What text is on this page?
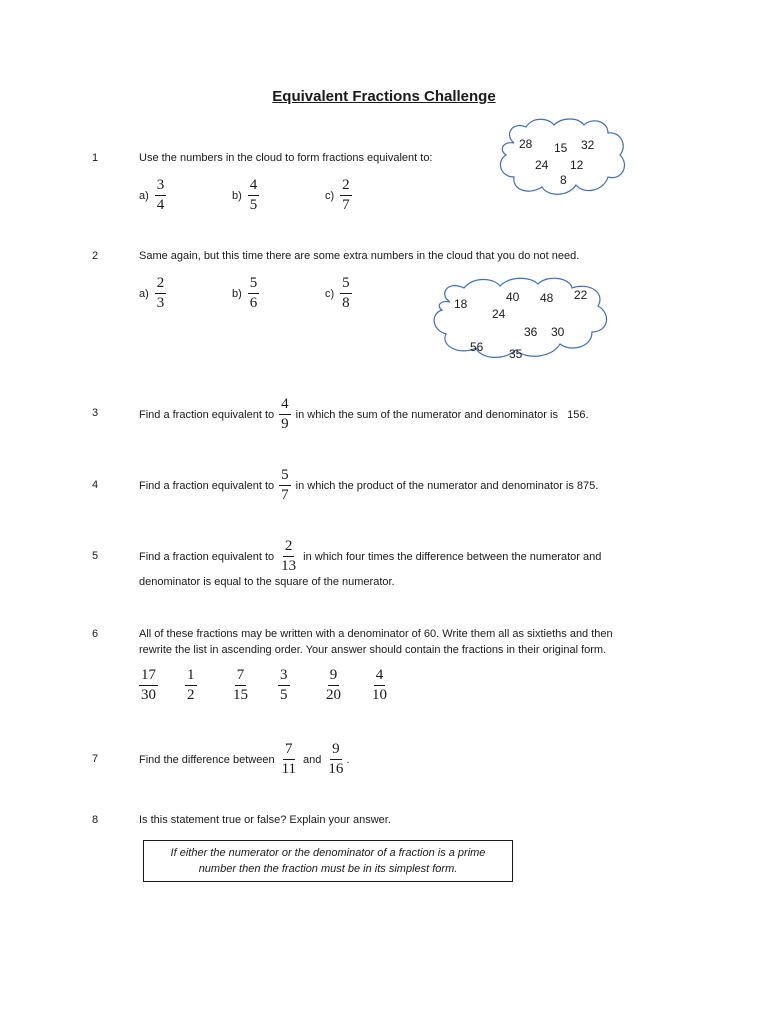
Equivalent Fractions Challenge
1	Use the numbers in the cloud to form fractions equivalent to:
$a) \frac{3}{4}$	$b) \frac{4}{5}$	$c) \frac{2}{7}$
28 15 32
24 12
8
2	Same again, but this time there are some extra numbers in the cloud that you do not need.
$a) \frac{2}{3}$	$b) \frac{5}{6}$	$c) \frac{5}{8}$	18	40 48 22
24
36 30
56 35
3	Find a fraction equivalent to $\frac{4}{9}$ in which the sum of the numerator and denominator is   156.
4	Find a fraction equivalent to $\frac{5}{7}$ in which the product of the numerator and denominator is 875.
5	Find a fraction equivalent to $\frac{2}{13}$ in which four times the difference between the numerator and
denominator is equal to the square of the numerator.
6	All of these fractions may be written with a denominator of 60. Write them all as sixtieths and then
rewrite the list in ascending order. Your answer should contain the fractions in their original form.
$\frac{17}{30} \frac{1}{2} \frac{7}{15} \frac{3}{5} \frac{9}{20} \frac{4}{10}$
7	Find the difference between $\frac{7}{11}$ and $\frac{9}{16}$ .
8	Is this statement true or false? Explain your answer.
If either the numerator or the denominator of a fraction is a prime
number then the fraction must be in its simplest form.
